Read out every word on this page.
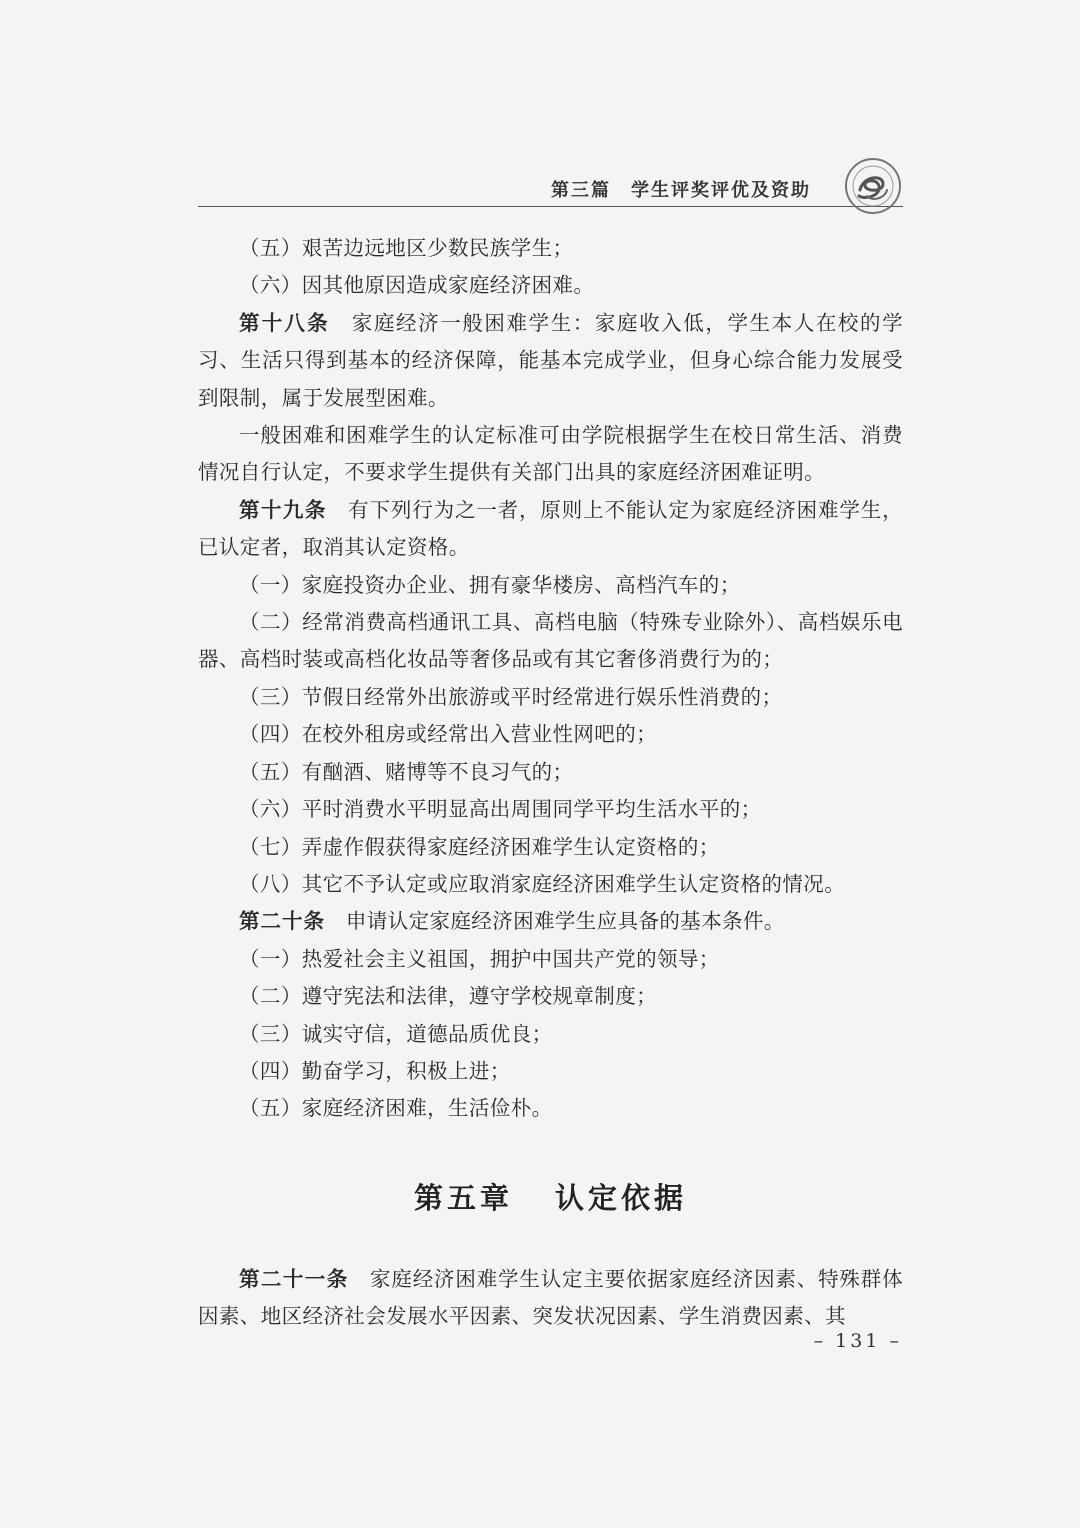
第三篇　学生评奖评优及资助

（五）艰苦边远地区少数民族学生；

（六）因其他原因造成家庭经济困难。

第十八条　家庭经济一般困难学生：家庭收入低，学生本人在校的学习、生活只得到基本的经济保障，能基本完成学业，但身心综合能力发展受到限制，属于发展型困难。

一般困难和困难学生的认定标准可由学院根据学生在校日常生活、消费情况自行认定，不要求学生提供有关部门出具的家庭经济困难证明。

第十九条　有下列行为之一者，原则上不能认定为家庭经济困难学生，已认定者，取消其认定资格。

（一）家庭投资办企业、拥有豪华楼房、高档汽车的；

（二）经常消费高档通讯工具、高档电脑（特殊专业除外）、高档娱乐电器、高档时装或高档化妆品等奢侈品或有其它奢侈消费行为的；

（三）节假日经常外出旅游或平时经常进行娱乐性消费的；

（四）在校外租房或经常出入营业性网吧的；

（五）有酗酒、赌博等不良习气的；

（六）平时消费水平明显高出周围同学平均生活水平的；

（七）弄虚作假获得家庭经济困难学生认定资格的；

（八）其它不予认定或应取消家庭经济困难学生认定资格的情况。

第二十条　申请认定家庭经济困难学生应具备的基本条件。

（一）热爱社会主义祖国，拥护中国共产党的领导；

（二）遵守宪法和法律，遵守学校规章制度；

（三）诚实守信，道德品质优良；

（四）勤奋学习，积极上进；

（五）家庭经济困难，生活俭朴。

第五章 认定依据

第二十一条　家庭经济困难学生认定主要依据家庭经济因素、特殊群体因素、地区经济社会发展水平因素、突发状况因素、学生消费因素、其

– 131 –
